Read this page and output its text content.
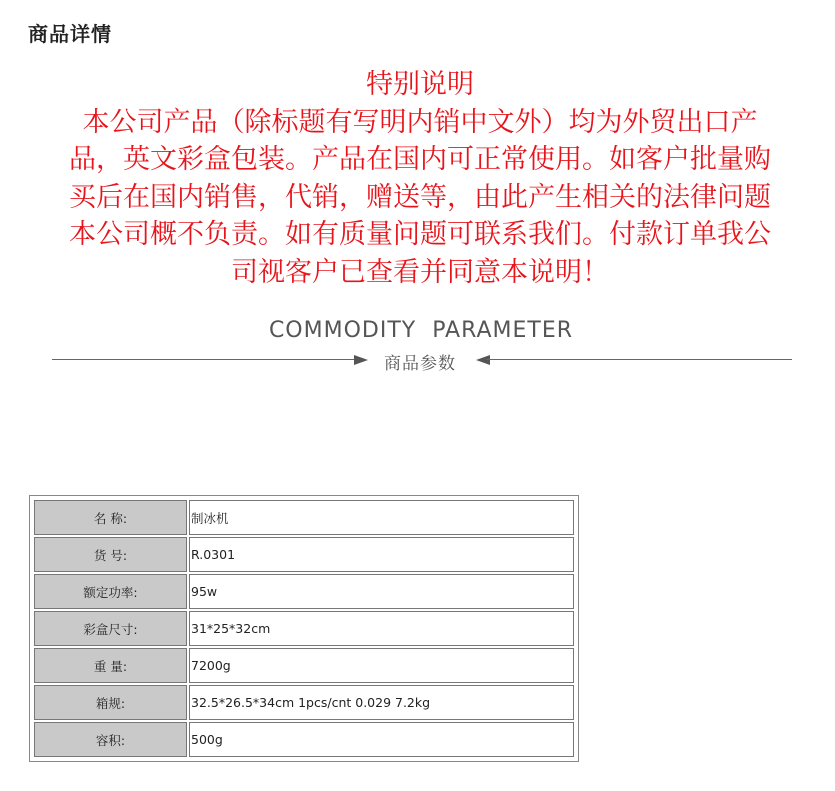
商品详情
特别说明
本公司产品（除标题有写明内销中文外）均为外贸出口产
品，英文彩盒包装。产品在国内可正常使用。如客户批量购
买后在国内销售，代销，赠送等，由此产生相关的法律问题
本公司概不负责。如有质量问题可联系我们。付款订单我公
司视客户已查看并同意本说明！
COMMODITY PARAMETER
商品参数
名 称:	制冰机
货 号:	R.0301
额定功率:	95w
彩盒尺寸:	31*25*32cm
重 量:	7200g
箱规:	32.5*26.5*34cm 1pcs/cnt 0.029 7.2kg
容积:	500g
